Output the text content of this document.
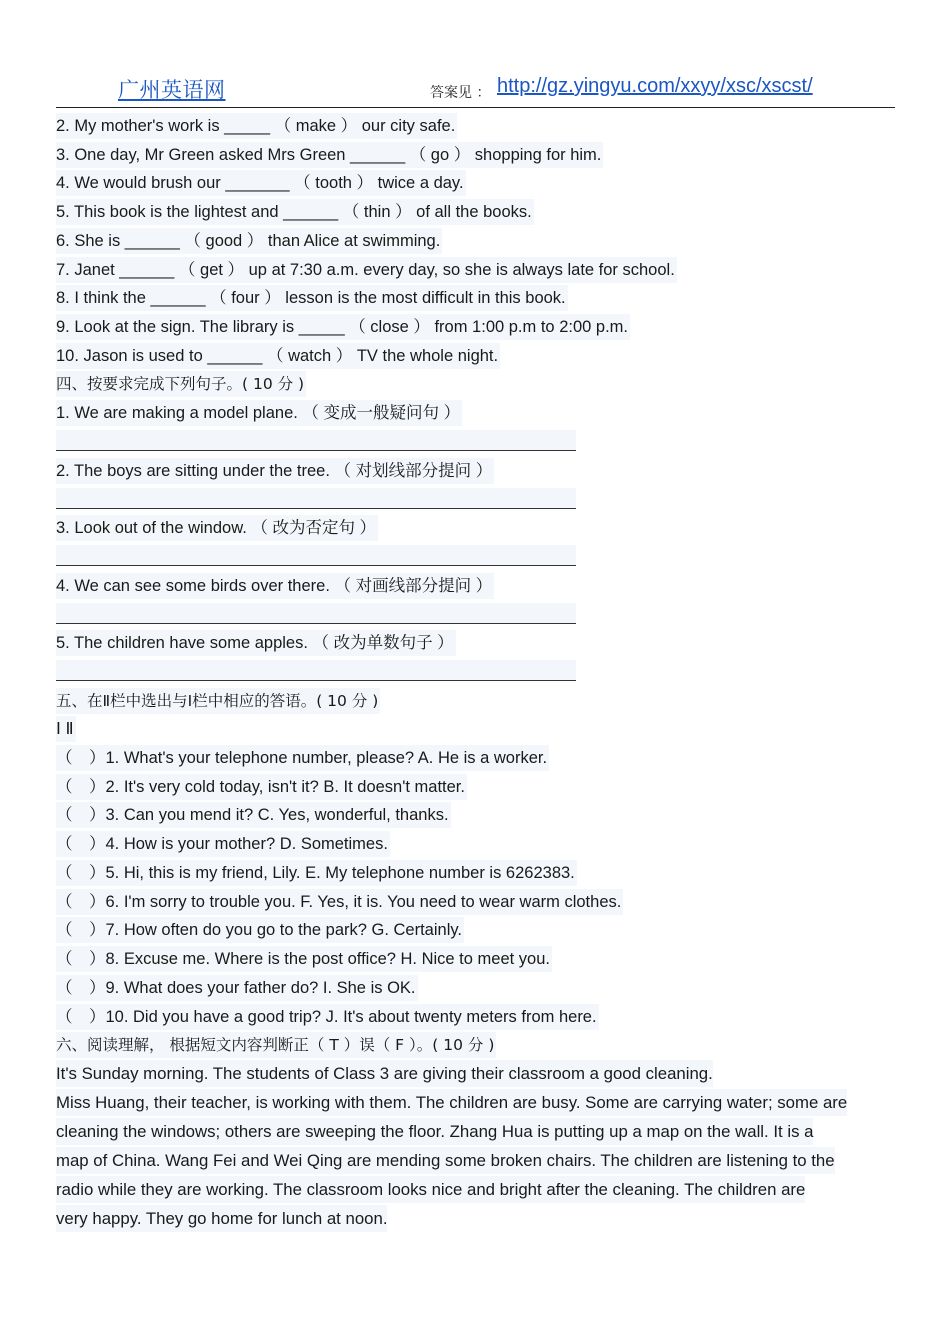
广州英语网	答案见 ： http://gz.yingyu.com/xxyy/xsc/xscst/
2. My mother's work is _____ （ make ） our city safe.
3. One day, Mr Green asked Mrs Green ______ （ go ） shopping for him.
4. We would brush our _______ （ tooth ） twice a day.
5. This book is the lightest and ______ （ thin ） of all the books.
6. She is ______ （ good ） than Alice at swimming.
7. Janet ______ （ get ） up at 7:30 a.m. every day, so she is always late for school.
8. I think the ______ （ four ） lesson is the most difficult in this book.
9. Look at the sign. The library is _____ （ close ） from 1:00 p.m to 2:00 p.m.
10. Jason is used to ______ （ watch ） TV the whole night.
四、按要求完成下列句子。( 10 分 )
1. We are making a model plane. （ 变成一般疑问句 ）
2. The boys are sitting under the tree. （ 对划线部分提问 ）
3. Look out of the window. （ 改为否定句 ）
4. We can see some birds over there. （ 对画线部分提问 ）
5. The children have some apples. （ 改为单数句子 ）
五、在Ⅱ栏中选出与Ⅰ栏中相应的答语。( 10 分 )
Ⅰ Ⅱ
（　）1. What's your telephone number, please? A. He is a worker.
（　）2. It's very cold today, isn't it? B. It doesn't matter.
（　）3. Can you mend it? C. Yes, wonderful, thanks.
（　）4. How is your mother? D. Sometimes.
（　）5. Hi, this is my friend, Lily. E. My telephone number is 6262383.
（　）6. I'm sorry to trouble you. F. Yes, it is. You need to wear warm clothes.
（　）7. How often do you go to the park? G. Certainly.
（　）8. Excuse me. Where is the post office? H. Nice to meet you.
（　）9. What does your father do? I. She is OK.
（　）10. Did you have a good trip? J. It's about twenty meters from here.
六、阅读理解， 根据短文内容判断正（ T ）误（ F ）。( 10 分 )
It's Sunday morning. The students of Class 3 are giving their classroom a good cleaning.
Miss Huang, their teacher, is working with them. The children are busy. Some are carrying water; some are
cleaning the windows; others are sweeping the floor. Zhang Hua is putting up a map on the wall. It is a
map of China. Wang Fei and Wei Qing are mending some broken chairs. The children are listening to the
radio while they are working. The classroom looks nice and bright after the cleaning. The children are
very happy. They go home for lunch at noon.
